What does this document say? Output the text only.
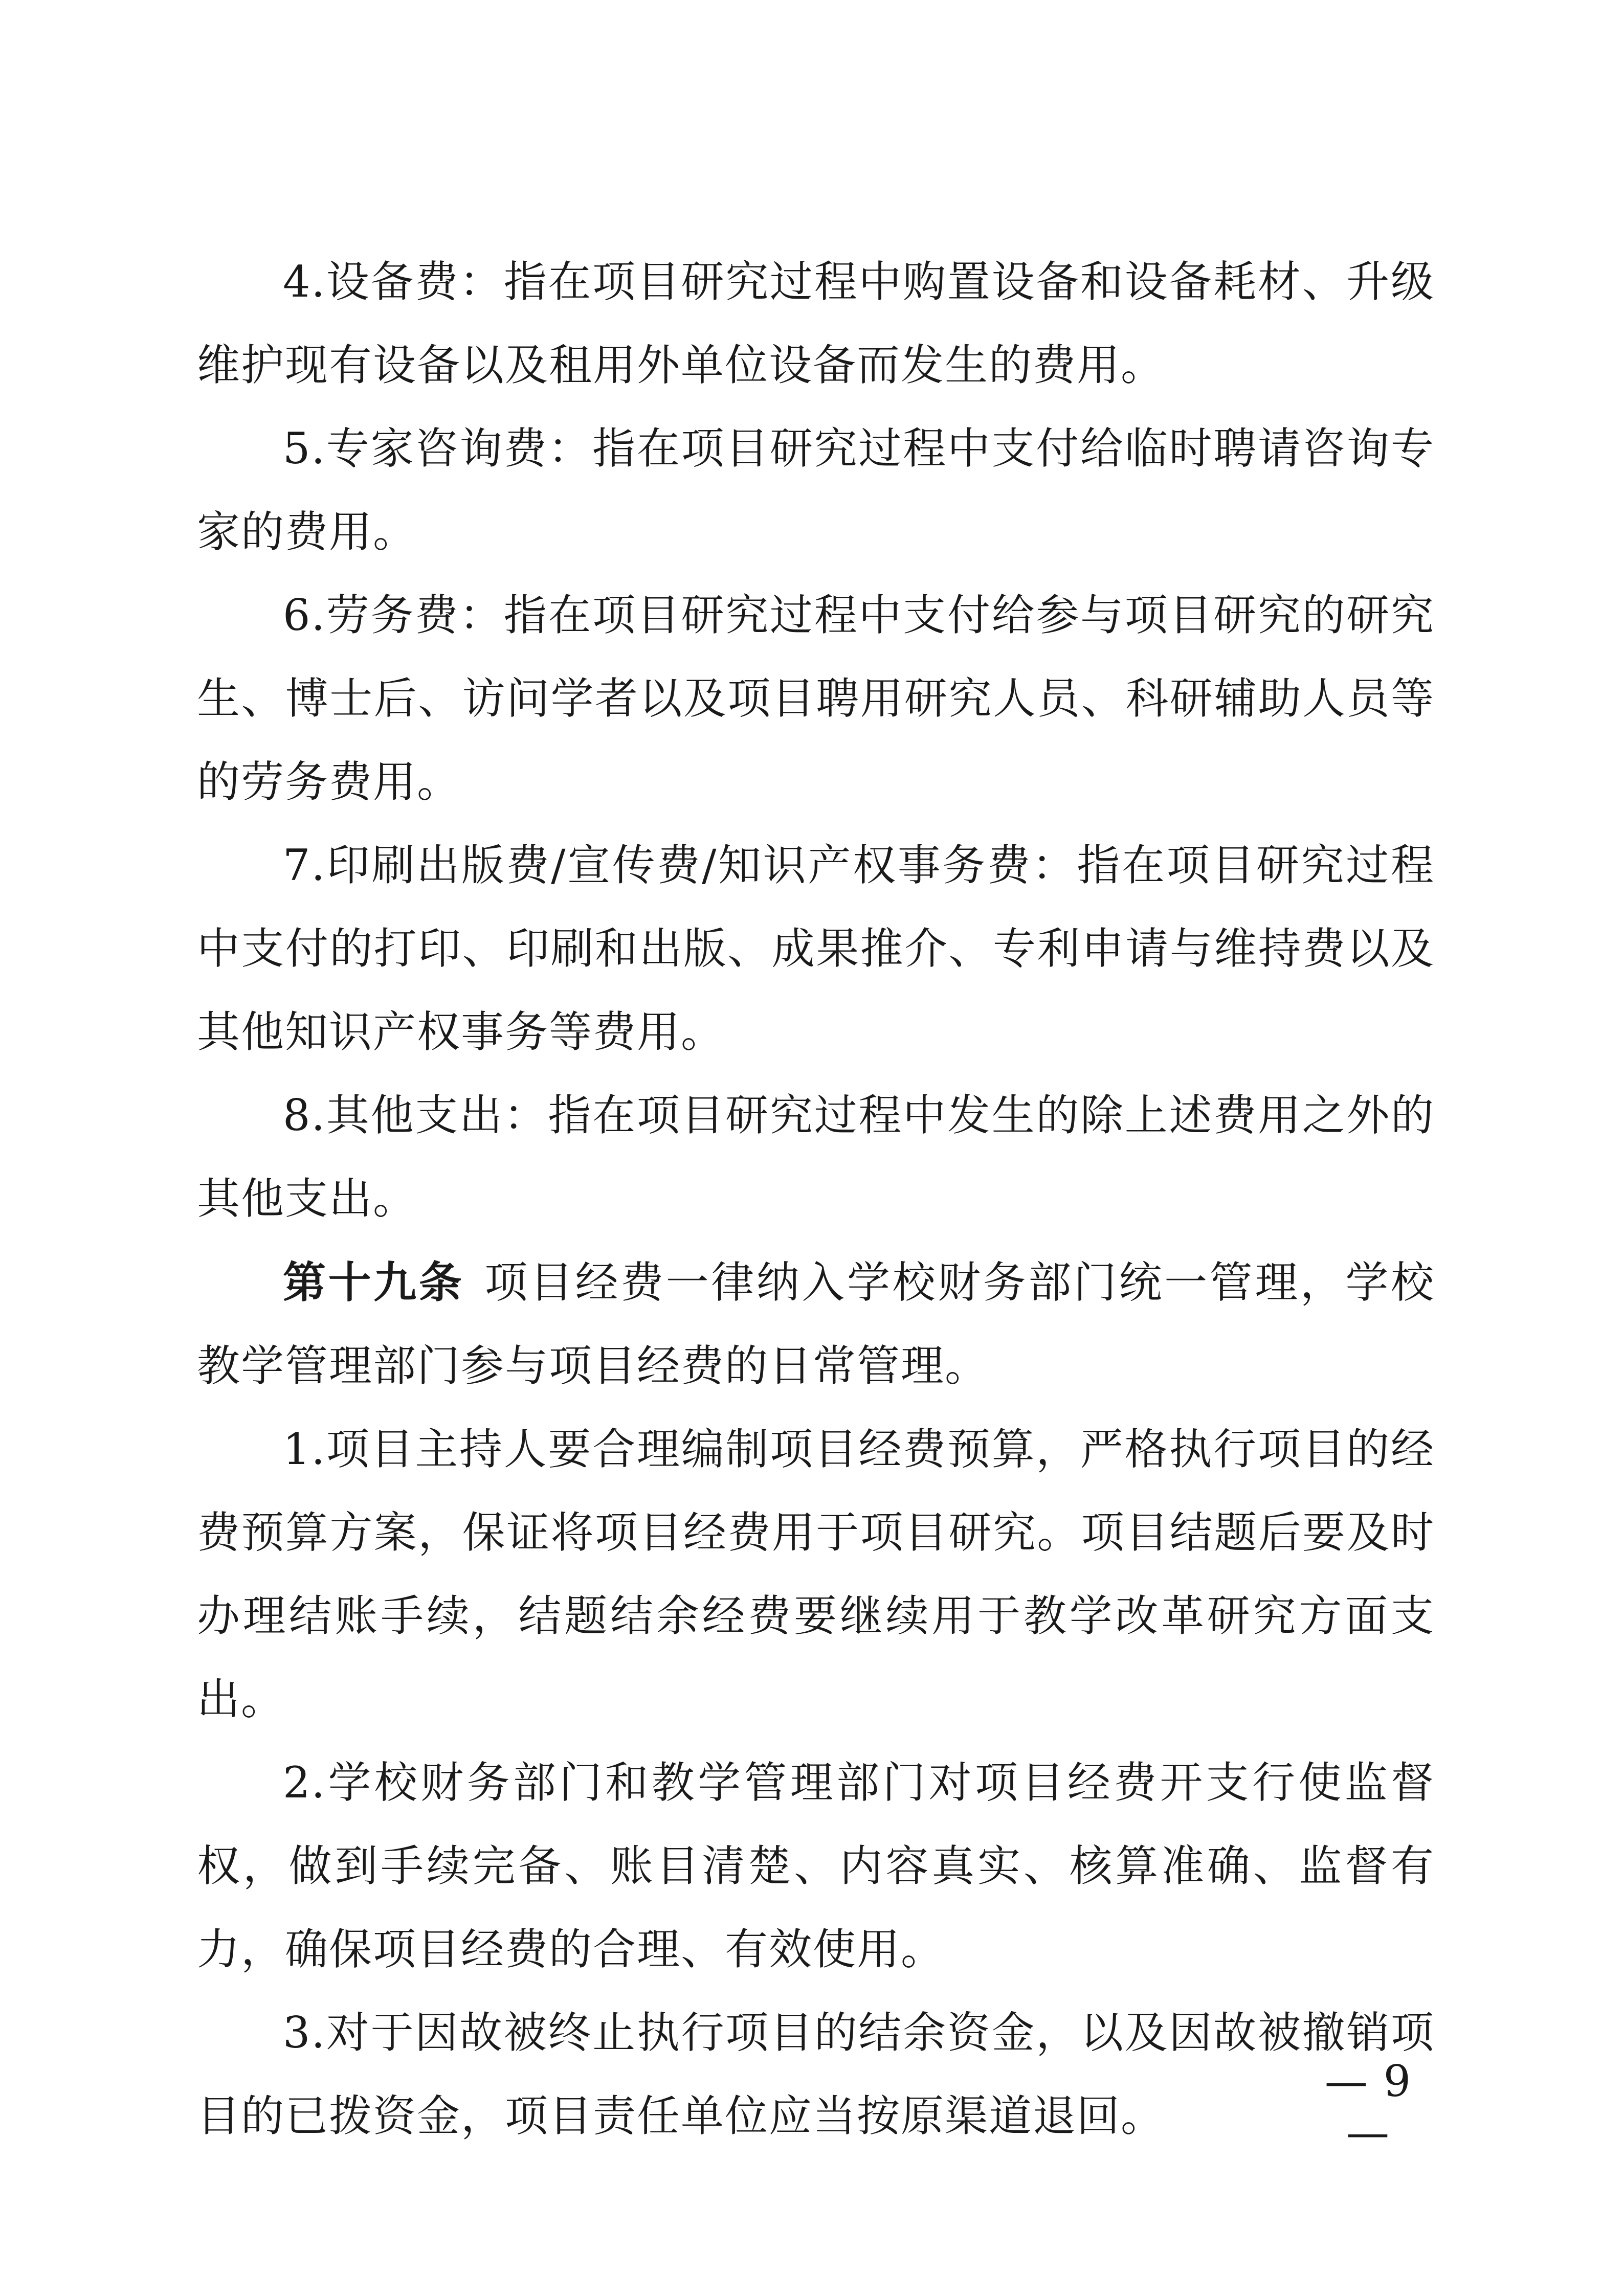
4.设备费：指在项目研究过程中购置设备和设备耗材、升级维护现有设备以及租用外单位设备而发生的费用。

5.专家咨询费：指在项目研究过程中支付给临时聘请咨询专家的费用。

6.劳务费：指在项目研究过程中支付给参与项目研究的研究生、博士后、访问学者以及项目聘用研究人员、科研辅助人员等的劳务费用。

7.印刷出版费/宣传费/知识产权事务费：指在项目研究过程中支付的打印、印刷和出版、成果推介、专利申请与维持费以及其他知识产权事务等费用。

8.其他支出：指在项目研究过程中发生的除上述费用之外的其他支出。

第十九条 项目经费一律纳入学校财务部门统一管理，学校教学管理部门参与项目经费的日常管理。

1.项目主持人要合理编制项目经费预算，严格执行项目的经费预算方案，保证将项目经费用于项目研究。项目结题后要及时办理结账手续，结题结余经费要继续用于教学改革研究方面支出。

2.学校财务部门和教学管理部门对项目经费开支行使监督权，做到手续完备、账目清楚、内容真实、核算准确、监督有力，确保项目经费的合理、有效使用。

3.对于因故被终止执行项目的结余资金，以及因故被撤销项目的已拨资金，项目责任单位应当按原渠道退回。

— 9 —
